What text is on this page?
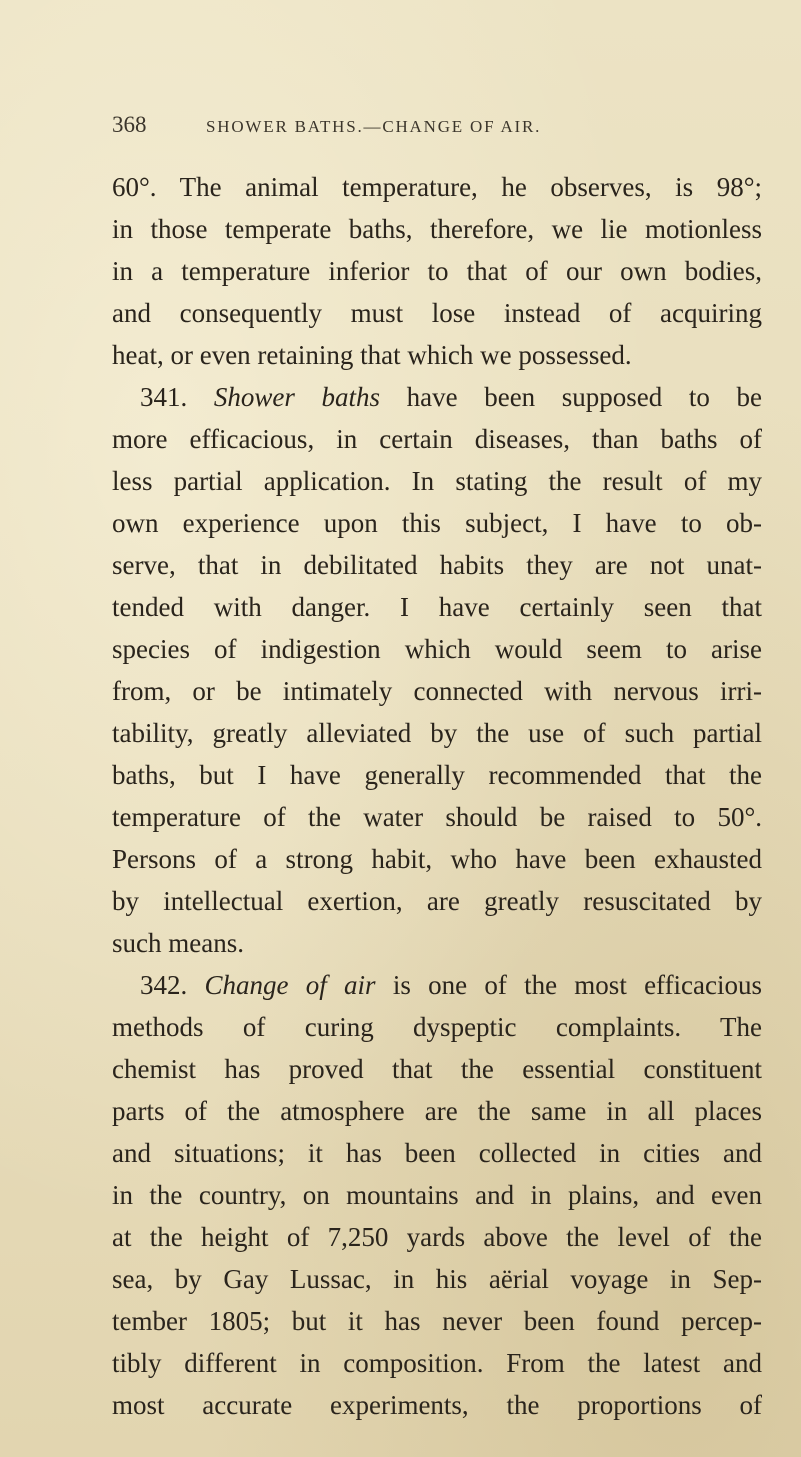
368	SHOWER BATHS.—CHANGE OF AIR.
60°. The animal temperature, he observes, is 98°;
in those temperate baths, therefore, we lie motionless
in a temperature inferior to that of our own bodies,
and consequently must lose instead of acquiring
heat, or even retaining that which we possessed.
341. Shower baths have been supposed to be
more efficacious, in certain diseases, than baths of
less partial application. In stating the result of my
own experience upon this subject, I have to ob-
serve, that in debilitated habits they are not unat-
tended with danger. I have certainly seen that
species of indigestion which would seem to arise
from, or be intimately connected with nervous irri-
tability, greatly alleviated by the use of such partial
baths, but I have generally recommended that the
temperature of the water should be raised to 50°.
Persons of a strong habit, who have been exhausted
by intellectual exertion, are greatly resuscitated by
such means.
342. Change of air is one of the most efficacious
methods of curing dyspeptic complaints. The
chemist has proved that the essential constituent
parts of the atmosphere are the same in all places
and situations; it has been collected in cities and
in the country, on mountains and in plains, and even
at the height of 7,250 yards above the level of the
sea, by Gay Lussac, in his aërial voyage in Sep-
tember 1805; but it has never been found percep-
tibly different in composition. From the latest and
most accurate experiments, the proportions of
